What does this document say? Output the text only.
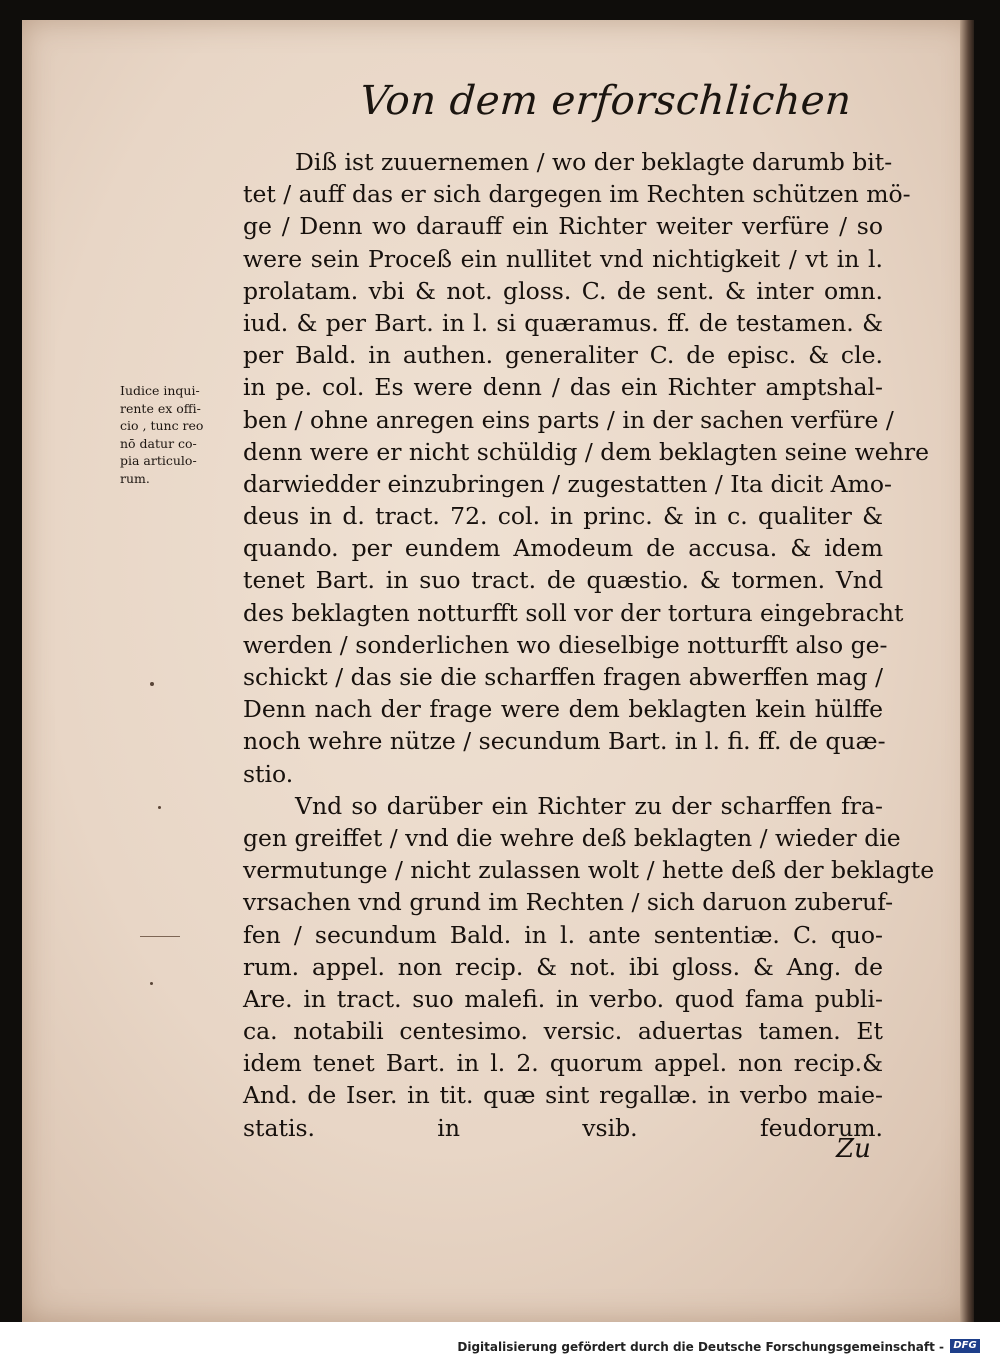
Von dem erforschlichen
Iudice inqui-
rente ex offi-
cio , tunc reo
nō datur co-
pia articulo-
rum.
Diß ist zuuernemen / wo der beklagte darumb bit-
tet / auff das er sich dargegen im Rechten schützen mö-
ge / Denn wo darauff ein Richter weiter verfüre / so
were sein Proceß ein nullitet vnd nichtigkeit / vt in l.
prolatam. vbi & not. gloss. C. de sent. & inter omn.
iud. & per Bart. in l. si quæramus. ff. de testamen. &
per Bald. in authen. generaliter C. de episc. & cle.
in pe. col. Es were denn / das ein Richter amptshal-
ben / ohne anregen eins parts / in der sachen verfüre /
denn were er nicht schüldig / dem beklagten seine wehre
darwiedder einzubringen / zugestatten / Ita dicit Amo-
deus in d. tract. 72. col. in princ. & in c. qualiter &
quando. per eundem Amodeum de accusa. & idem
tenet Bart. in suo tract. de quæstio. & tormen. Vnd
des beklagten notturfft soll vor der tortura eingebracht
werden / sonderlichen wo dieselbige notturfft also ge-
schickt / das sie die scharffen fragen abwerffen mag /
Denn nach der frage were dem beklagten kein hülffe
noch wehre nütze / secundum Bart. in l. fi. ff. de quæ-
stio.
Vnd so darüber ein Richter zu der scharffen fra-
gen greiffet / vnd die wehre deß beklagten / wieder die
vermutunge / nicht zulassen wolt / hette deß der beklagte
vrsachen vnd grund im Rechten / sich daruon zuberuf-
fen / secundum Bald. in l. ante sententiæ. C. quo-
rum. appel. non recip. & not. ibi gloss. & Ang. de
Are. in tract. suo malefi. in verbo. quod fama publi-
ca. notabili centesimo. versic. aduertas tamen. Et
idem tenet Bart. in l. 2. quorum appel. non recip.&
And. de Iser. in tit. quæ sint regallæ. in verbo maie-
statis. in vsib. feudorum.
Zu
Digitalisierung gefördert durch die Deutsche Forschungsgemeinschaft - DFG
